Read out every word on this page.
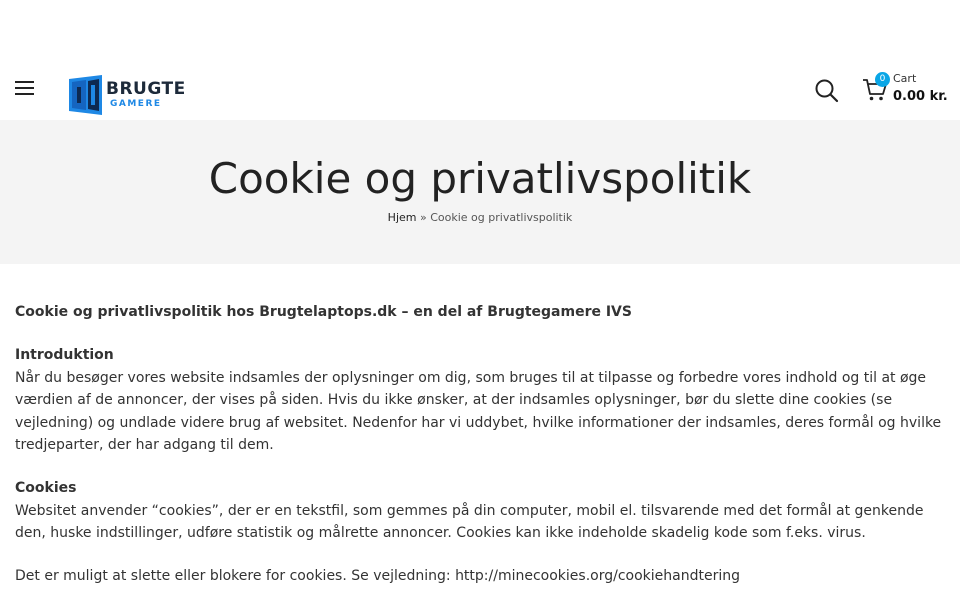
BRUGTE
GAMERE
0 Cart
0.00 kr.
Cookie og privatlivspolitik
Hjem » Cookie og privatlivspolitik

Cookie og privatlivspolitik hos Brugtelaptops.dk – en del af Brugtegamere IVS

Introduktion
Når du besøger vores website indsamles der oplysninger om dig, som bruges til at tilpasse og forbedre vores indhold og til at øge værdien af de annoncer, der vises på siden. Hvis du ikke ønsker, at der indsamles oplysninger, bør du slette dine cookies (se vejledning) og undlade videre brug af websitet. Nedenfor har vi uddybet, hvilke informationer der indsamles, deres formål og hvilke tredjeparter, der har adgang til dem.

Cookies
Websitet anvender “cookies”, der er en tekstfil, som gemmes på din computer, mobil el. tilsvarende med det formål at genkende den, huske indstillinger, udføre statistik og målrette annoncer. Cookies kan ikke indeholde skadelig kode som f.eks. virus.

Det er muligt at slette eller blokere for cookies. Se vejledning: http://minecookies.org/cookiehandtering
